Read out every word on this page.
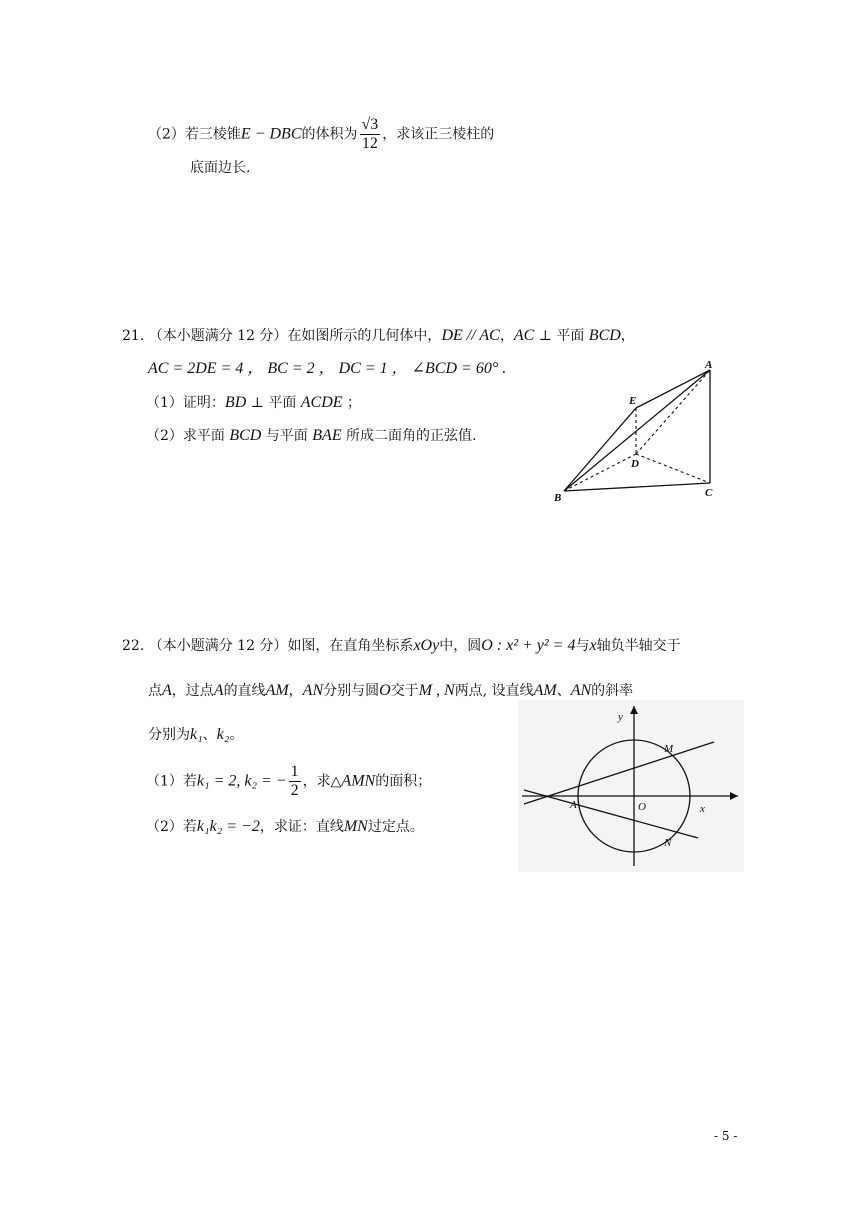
（2）若三棱锥E − DBC的体积为 $\frac{√3}{12}$ ，求该正三棱柱的
底面边长.
21. （本小题满分 12 分）在如图所示的几何体中，DE // AC，AC ⊥ 平面 BCD，
AC = 2DE = 4 ， BC = 2 ， DC = 1 ， ∠BCD = 60° .
（1）证明：BD ⊥ 平面 ACDE ；
（2）求平面 BCD 与平面 BAE 所成二面角的正弦值.
A
B	C
D
E
22. （本小题满分 12 分）如图，在直角坐标系xOy中，圆O : x² + y² = 4与x轴负半轴交于
点A，过点A的直线AM，AN分别与圆O交于M , N两点, 设直线AM、AN的斜率
分别为k₁、k₂。
（1）若k₁ = 2, k₂ = − $\frac{1}{2}$ ，求△AMN的面积；
（2）若k₁k₂ = −2，求证：直线MN过定点。
y
x
A	O
M
N
- 5 -
